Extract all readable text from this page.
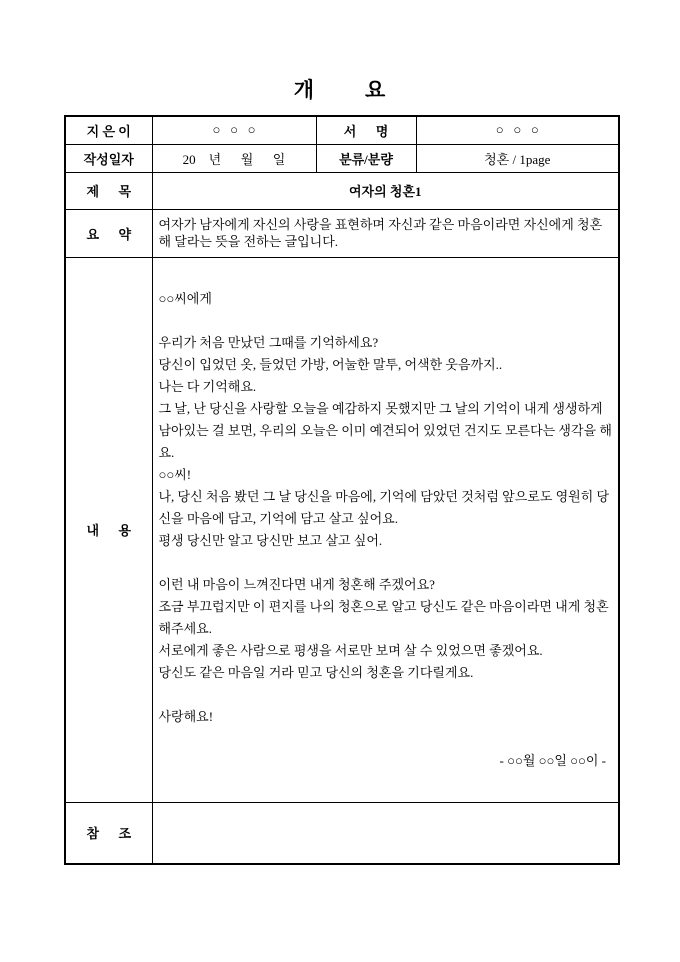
개        요
지 은 이	○   ○   ○	서      명	○   ○   ○
작성일자	20    년      월      일	분류/분량	청혼 / 1page
제      목	여자의 청혼1		
요      약	여자가 남자에게 자신의 사랑을 표현하며 자신과 같은 마음이라면 자신에게 청혼해 달라는 뜻을 전하는 글입니다.		
내      용	
○○씨에게

우리가 처음 만났던 그때를 기억하세요?
당신이 입었던 옷, 들었던 가방, 어눌한 말투, 어색한 웃음까지..
나는 다 기억해요.
그 날, 난 당신을 사랑할 오늘을 예감하지 못했지만 그 날의 기억이 내게 생생하게 남아있는 걸 보면, 우리의 오늘은 이미 예견되어 있었던 건지도 모른다는 생각을 해요.
○○씨!
나, 당신 처음 봤던 그 날 당신을 마음에, 기억에 담았던 것처럼 앞으로도 영원히 당신을 마음에 담고, 기억에 담고 살고 싶어요.
평생 당신만 알고 당신만 보고 살고 싶어.

이런 내 마음이 느껴진다면 내게 청혼해 주겠어요?
조금 부끄럽지만 이 편지를 나의 청혼으로 알고 당신도 같은 마음이라면 내게 청혼해주세요.
서로에게 좋은 사람으로 평생을 서로만 보며 살 수 있었으면 좋겠어요.
당신도 같은 마음일 거라 믿고 당신의 청혼을 기다릴게요.

사랑해요!

- ○○월 ○○일 ○○이 -

참      조			
